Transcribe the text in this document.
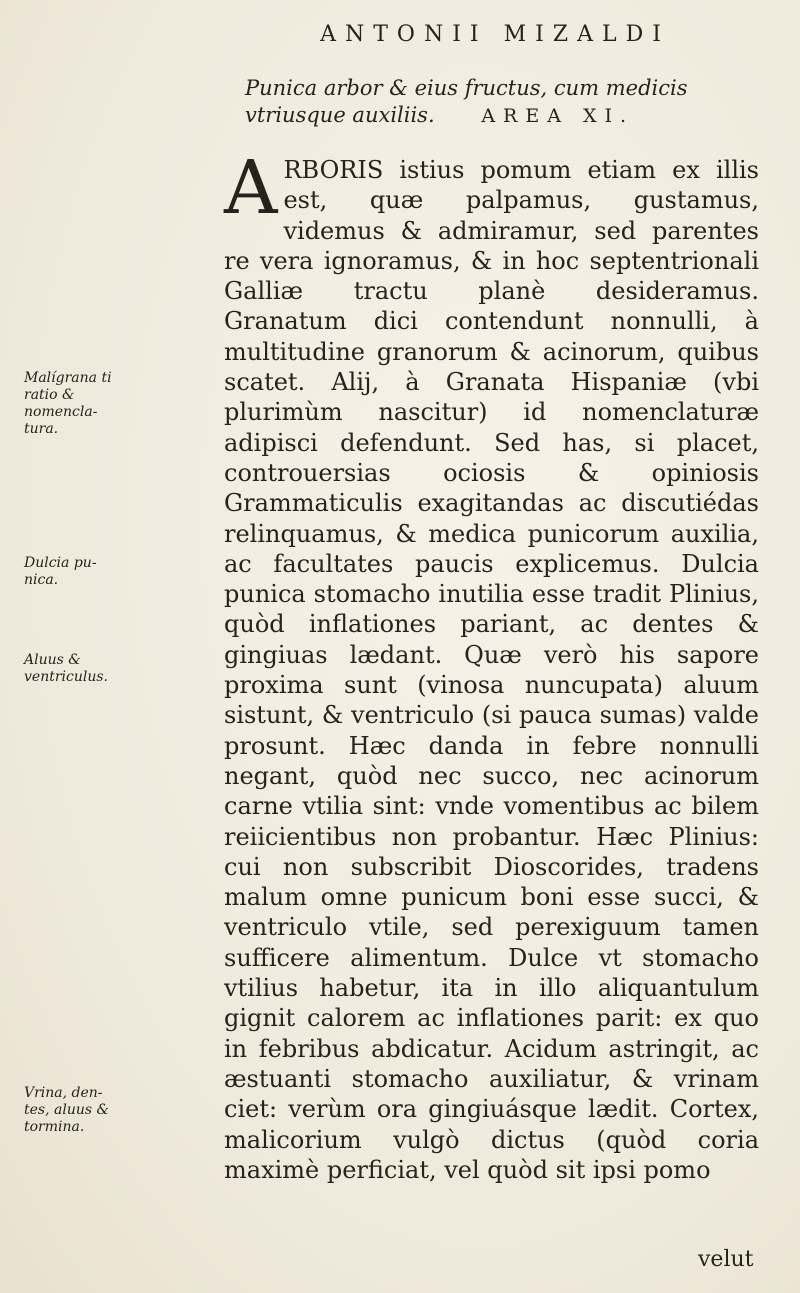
ANTONII MIZALDI
Punica arbor & eius fructus, cum medicis vtriusque auxiliis. AREA XI.

A RBORIS istius pomum etiam ex illis est, quæ palpamus, gustamus, videmus & admiramur, sed parentes re vera ignoramus, & in hoc septentrionali Galliæ tractu planè desideramus. Granatum dici contendunt nonnulli, à multitudine granorum & acinorum, quibus scatet. Alij, à Granata Hispaniæ (vbi plurimùm nascitur) id nomenclaturæ adipisci defendunt. Sed has, si placet, controuersias ociosis & opiniosis Grammaticulis exagitandas ac discutiédas relinquamus, & medica punicorum auxilia, ac facultates paucis explicemus. Dulcia punica stomacho inutilia esse tradit Plinius, quòd inflationes pariant, ac dentes & gingiuas lædant. Quæ verò his sapore proxima sunt (vinosa nuncupata) aluum sistunt, & ventriculo (si pauca sumas) valde prosunt. Hæc danda in febre nonnulli negant, quòd nec succo, nec acinorum carne vtilia sint: vnde vomentibus ac bilem reiicientibus non probantur. Hæc Plinius: cui non subscribit Dioscorides, tradens malum omne punicum boni esse succi, & ventriculo vtile, sed perexiguum tamen sufficere alimentum. Dulce vt stomacho vtilius habetur, ita in illo aliquantulum gignit calorem ac inflationes parit: ex quo in febribus abdicatur. Acidum astringit, ac æstuanti stomacho auxiliatur, & vrinam ciet: verùm ora gingiuásque lædit. Cortex, malicorium vulgò dictus (quòd coria maximè perficiat, vel quòd sit ipsi pomo

Malígrana ti ratio & nomencla-tura.
Dulcia pu-nica.
Aluus & ventriculus.
Vrina, den-tes, aluus & tormina.
velut
